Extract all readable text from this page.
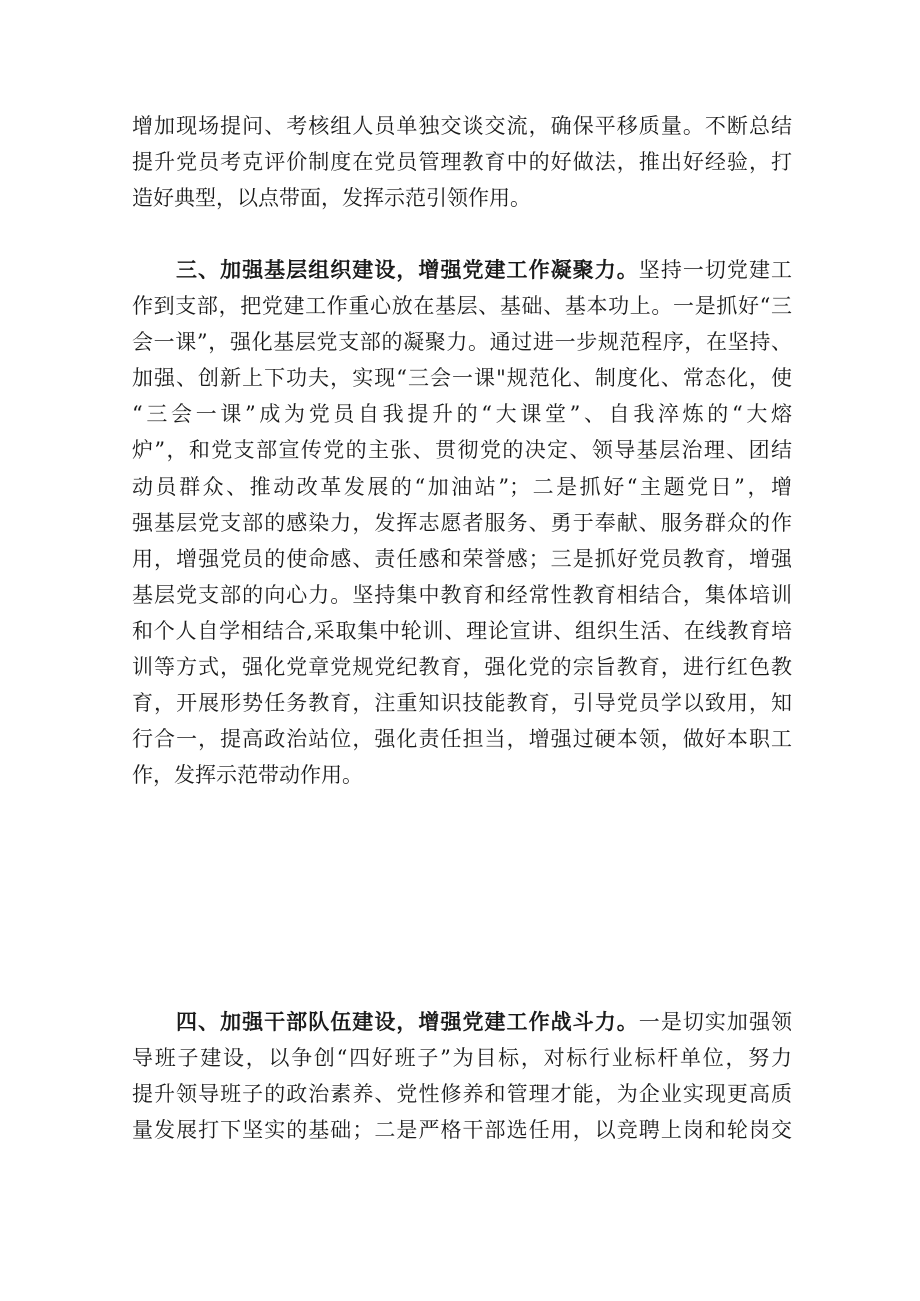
增加现场提问、考核组人员单独交谈交流，确保平移质量。不断总结
提升党员考克评价制度在党员管理教育中的好做法，推出好经验，打
造好典型，以点带面，发挥示范引领作用。
三、加强基层组织建设，增强党建工作凝聚力。坚持一切党建工
作到支部，把党建工作重心放在基层、基础、基本功上。一是抓好“三
会一课”，强化基层党支部的凝聚力。通过进一步规范程序，在坚持、
加强、创新上下功夫，实现“三会一课"规范化、制度化、常态化，使
“三会一课”成为党员自我提升的“大课堂”、自我淬炼的“大熔
炉”，和党支部宣传党的主张、贯彻党的决定、领导基层治理、团结
动员群众、推动改革发展的“加油站”；二是抓好“主题党日”，增
强基层党支部的感染力，发挥志愿者服务、勇于奉献、服务群众的作
用，增强党员的使命感、责任感和荣誉感；三是抓好党员教育，增强
基层党支部的向心力。坚持集中教育和经常性教育相结合，集体培训
和个人自学相结合,采取集中轮训、理论宣讲、组织生活、在线教育培
训等方式，强化党章党规党纪教育，强化党的宗旨教育，进行红色教
育，开展形势任务教育，注重知识技能教育，引导党员学以致用，知
行合一，提高政治站位，强化责任担当，增强过硬本领，做好本职工
作，发挥示范带动作用。
四、加强干部队伍建设，增强党建工作战斗力。一是切实加强领
导班子建设，以争创“四好班子”为目标，对标行业标杆单位，努力
提升领导班子的政治素养、党性修养和管理才能，为企业实现更高质
量发展打下坚实的基础；二是严格干部选任用，以竞聘上岗和轮岗交
